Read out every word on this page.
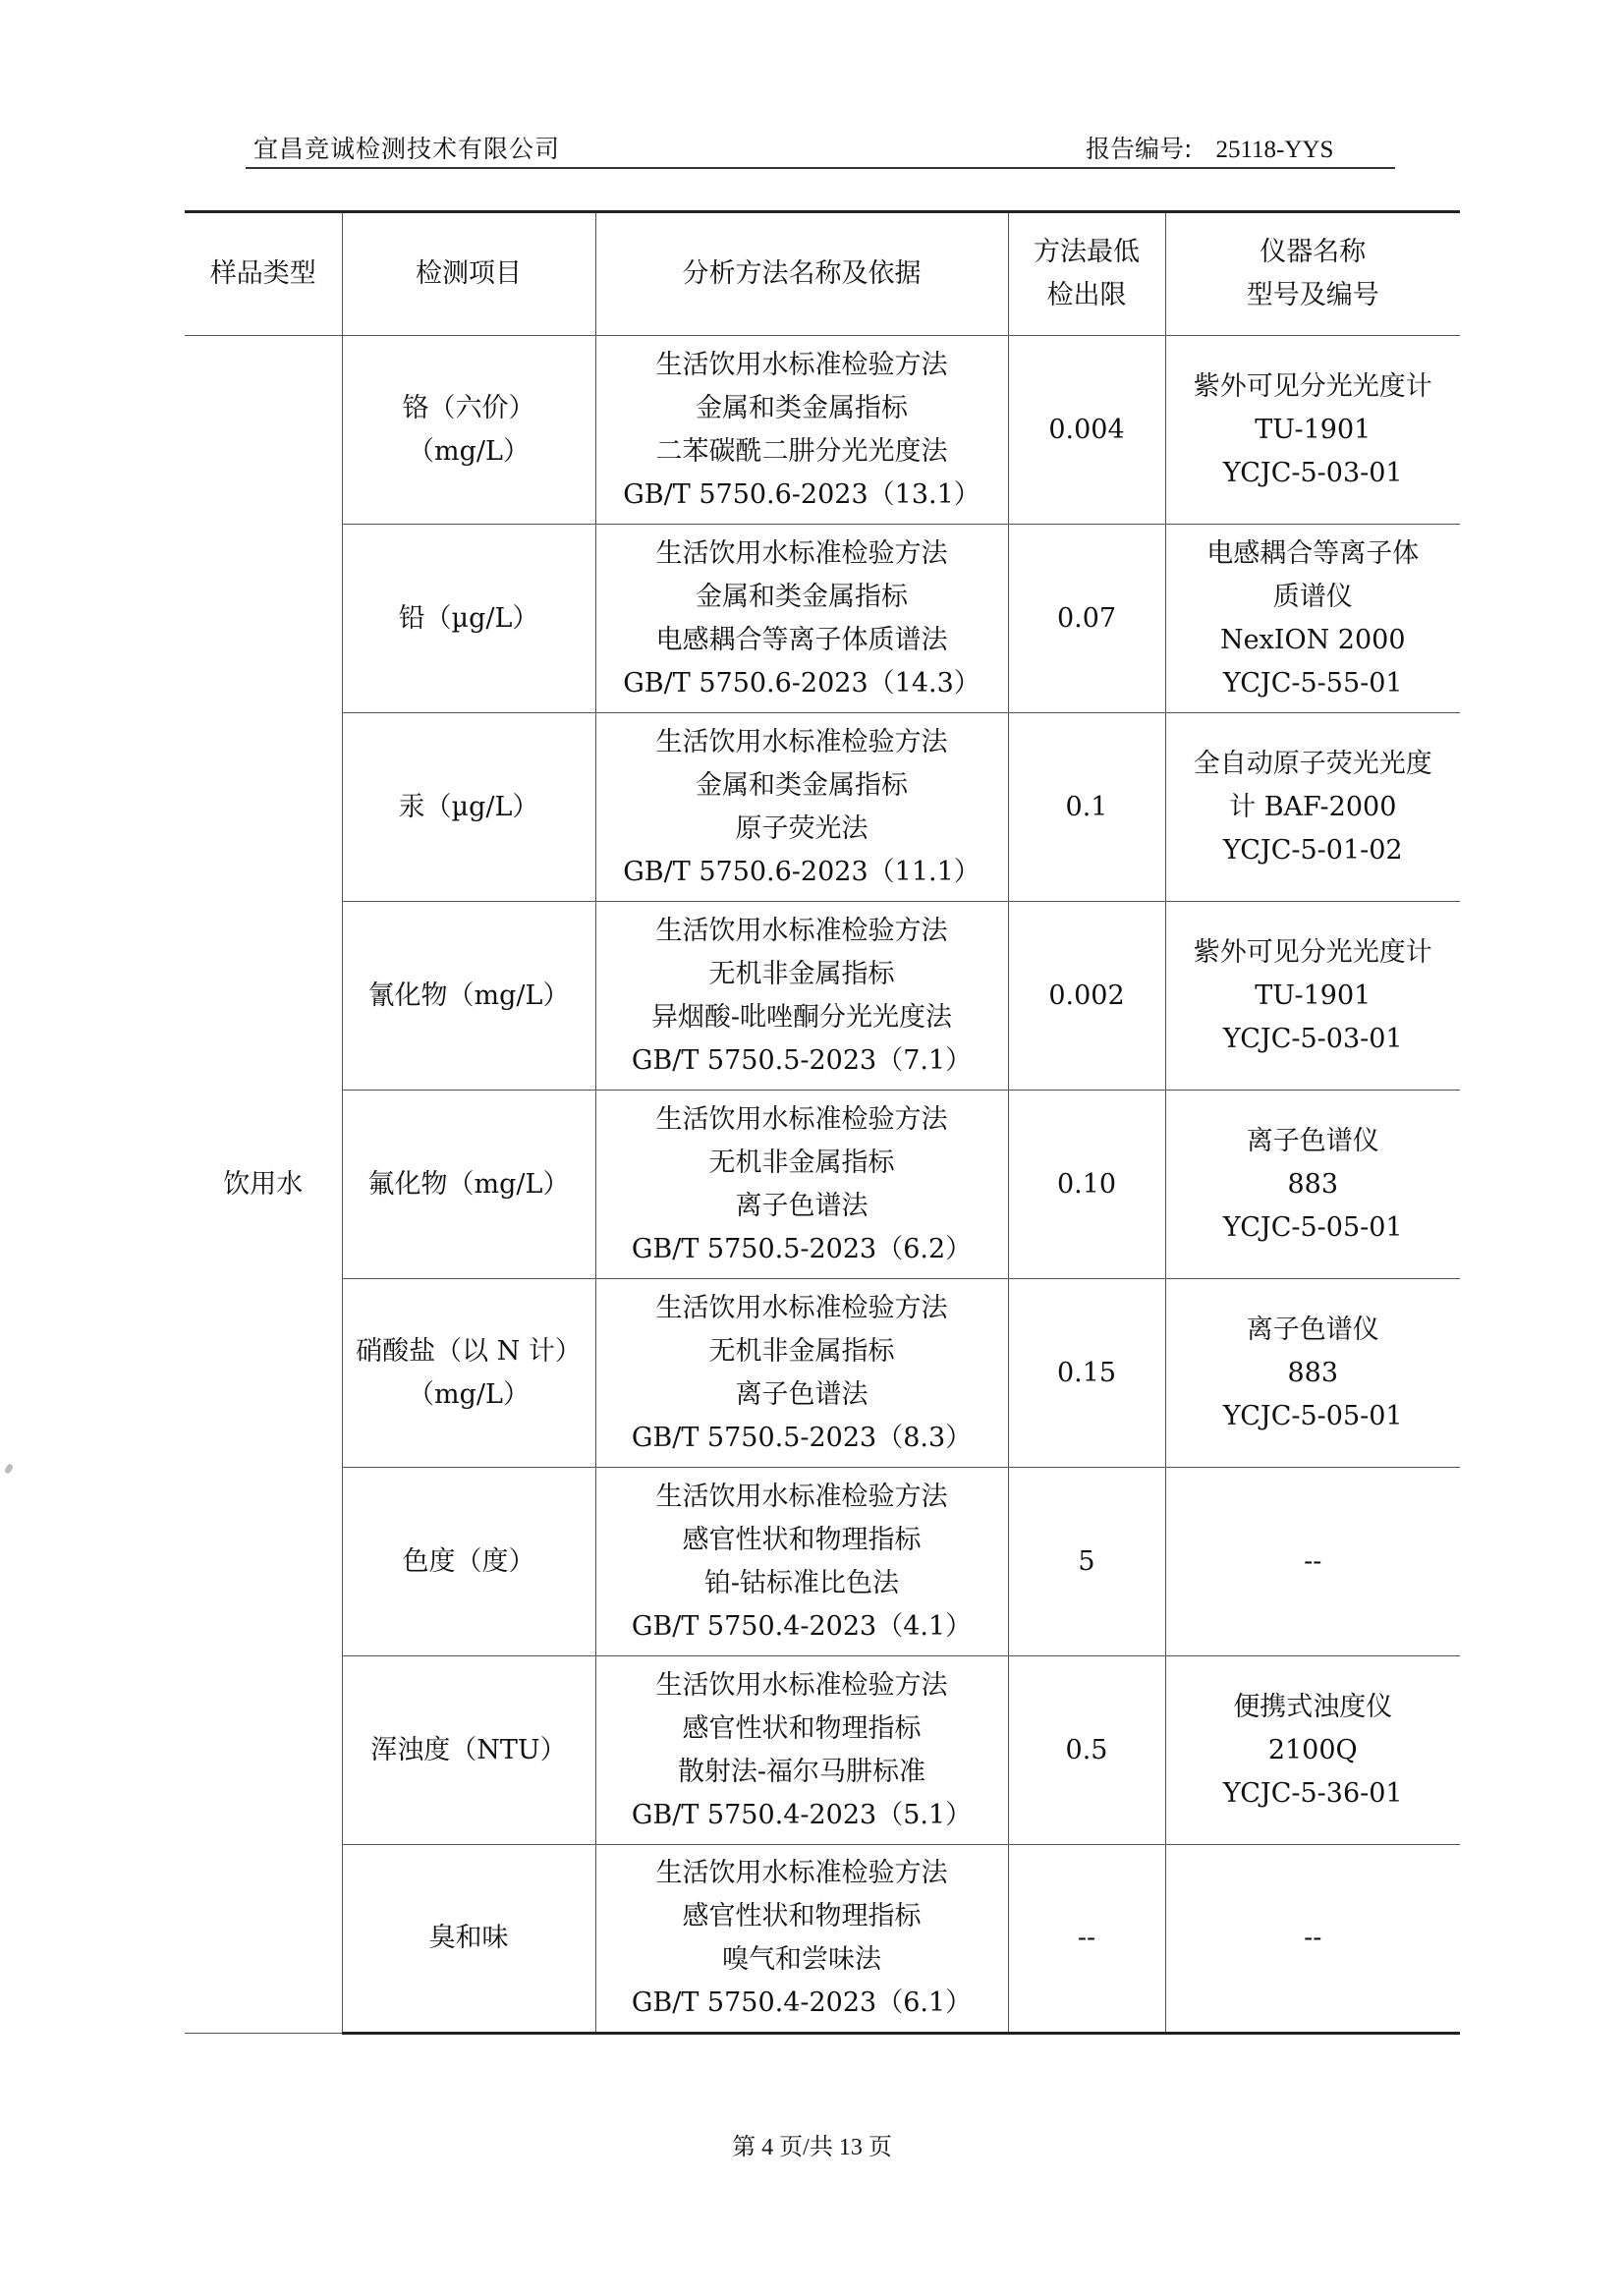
宜昌竞诚检测技术有限公司	报告编号: 25118-YYS
样品类型	检测项目	分析方法名称及依据	方法最低
检出限	仪器名称
型号及编号

饮用水	铬（六价）
（mg/L）	生活饮用水标准检验方法
金属和类金属指标
二苯碳酰二肼分光光度法
GB/T 5750.6-2023（13.1）	0.004	紫外可见分光光度计
TU-1901
YCJC-5-03-01

	铅（µg/L）	生活饮用水标准检验方法
金属和类金属指标
电感耦合等离子体质谱法
GB/T 5750.6-2023（14.3）	0.07	电感耦合等离子体
质谱仪
NexION 2000
YCJC-5-55-01

	汞（µg/L）	生活饮用水标准检验方法
金属和类金属指标
原子荧光法
GB/T 5750.6-2023（11.1）	0.1	全自动原子荧光光度
计 BAF-2000
YCJC-5-01-02

	氰化物（mg/L）	生活饮用水标准检验方法
无机非金属指标
异烟酸-吡唑酮分光光度法
GB/T 5750.5-2023（7.1）	0.002	紫外可见分光光度计
TU-1901
YCJC-5-03-01

	氟化物（mg/L）	生活饮用水标准检验方法
无机非金属指标
离子色谱法
GB/T 5750.5-2023（6.2）	0.10	离子色谱仪
883
YCJC-5-05-01

	硝酸盐（以 N 计）
（mg/L）	生活饮用水标准检验方法
无机非金属指标
离子色谱法
GB/T 5750.5-2023（8.3）	0.15	离子色谱仪
883
YCJC-5-05-01

	色度（度）	生活饮用水标准检验方法
感官性状和物理指标
铂-钴标准比色法
GB/T 5750.4-2023（4.1）	5	--

	浑浊度（NTU）	生活饮用水标准检验方法
感官性状和物理指标
散射法-福尔马肼标准
GB/T 5750.4-2023（5.1）	0.5	便携式浊度仪
2100Q
YCJC-5-36-01

	臭和味	生活饮用水标准检验方法
感官性状和物理指标
嗅气和尝味法
GB/T 5750.4-2023（6.1）	--	--
第 4 页/共 13 页
